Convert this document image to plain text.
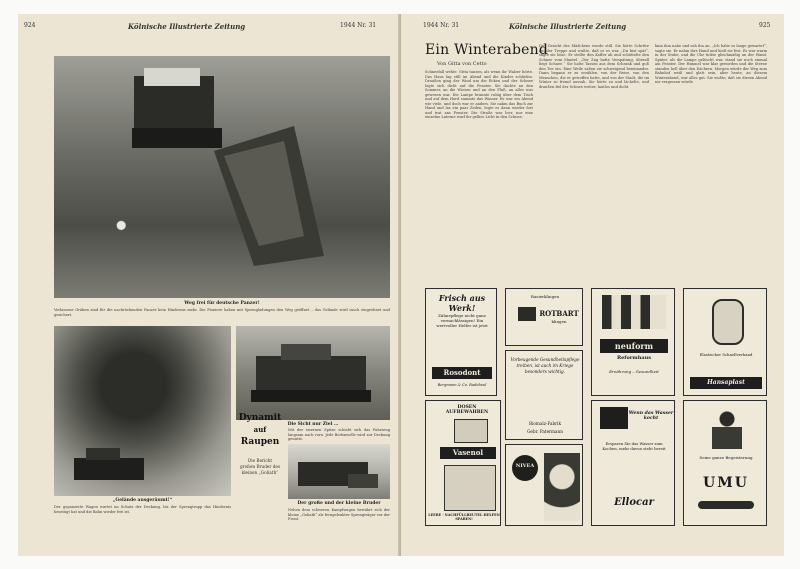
924	Kölnische Illustrierte Zeitung	1944 Nr. 31
Weg frei für deutsche Panzer!
Verlassene Gräben sind für die nachrückenden Panzer kein Hindernis mehr. Die Pioniere haben mit Sprengladungen den Weg geöffnet – das Gelände wird rasch eingeebnet und gesichert.
„Gelände ausgeräumt!“
Der gepanzerte Wagen wartet im Schutz der Deckung, bis der Sprengtrupp das Hindernis beseitigt hat und die Bahn wieder frei ist.
Die Sicht nur Ziel …
Mit der eisernen Spitze schiebt sich das Fahrzeug langsam nach vorn. Jede Bodenwelle wird zur Deckung genutzt.
Dynamit
auf
Raupen
Die Bericht
großen Bruder des
kleinen „Goliath“
Der große und der kleine Bruder
Neben dem schweren Kampfwagen bewährt sich der kleine „Goliath“ als ferngelenkter Sprengträger vor der Front.
1944 Nr. 31	Kölnische Illustrierte Zeitung	925
Ein Winterabend
Von Gitta von Cetto
Schneefall wehte. Gitta tanzen, als wenn ihr Walzer hörte. Das Haus lag still im Abend und die Kinder schliefen. Draußen ging der Wind um die Ecken und der Schnee legte sich dicht auf die Fenster. Sie dachte an den Sommer, an die Wiesen und an den Fluß, an alles was gewesen war. Die Lampe brannte ruhig über dem Tisch und auf dem Herd summte das Wasser. Es war ein Abend wie viele, und doch war er anders. Sie nahm das Buch zur Hand und las ein paar Zeilen, legte es dann wieder fort und trat ans Fenster. Die Straße war leer, nur eine einzelne Laterne warf ihr gelbes Licht in den Schnee.
Das Gesicht des Mädchens wurde still. Sie hörte Schritte auf der Treppe und wußte, daß er es war. „Du bist spät“, sagte sie leise. Er stellte den Koffer ab und schüttelte den Schnee vom Mantel. „Der Zug hatte Verspätung, überall liegt Schnee.“ Sie holte Tassen aus dem Schrank und goß den Tee ein. Eine Weile saßen sie schweigend beieinander. Dann begann er zu erzählen, von der Reise, von den Menschen, die er getroffen hatte, und von der Stadt, die im Winter so fremd aussah. Sie hörte zu und lächelte, und draußen fiel der Schnee weiter, lautlos und dicht.
kam ihm nahe und sah ihn an. „Ich habe so lange gewartet“, sagte sie. Er nahm ihre Hand und hielt sie fest. Es war warm in der Stube, und die Uhr tickte gleichmäßig an der Wand. Später, als die Lampe gelöscht war, stand sie noch einmal am Fenster. Der Himmel war klar geworden und die Sterne standen hell über den Dächern. Morgen würde der Weg zum Bahnhof weiß und glatt sein, aber heute, an diesem Winterabend, war alles gut. Sie wußte, daß sie diesen Abend nie vergessen würde.
Frisch aus Werk!
Zähnepflege nicht ganz vernachlässigen! Ein wertvoller Helfer ist jetzt
Rosodont
Bergmann & Co. Radebeul
Rasierklingen
ROTBART
klingen
neuform
Reformhaus
Ernährung – Gesundheit
Elastischer Schnellverband
Hansaplast
Vorbeugende Gesundheitspflege treiben, ist auch im Kriege besonders wichtig.
Biomalz-Fabrik
Gebr. Patermann
DOSEN AUFBEWAHREN
Vasenol
LEERE · NACHFÜLLBEUTEL HELFEN SPAREN!
NIVEA
Wenn das Wasser kocht
Ersparen Sie das Wasser zum Kochen, mehr davon steht bereit
Ellocar
Seine ganze Begeisterung
UMU
